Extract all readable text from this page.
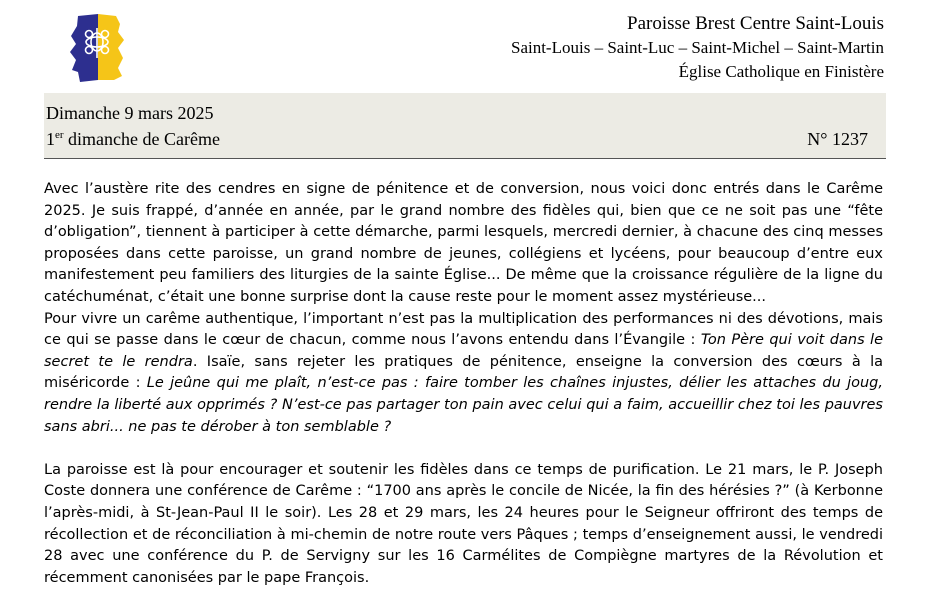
Paroisse Brest Centre Saint-Louis
Saint-Louis – Saint-Luc – Saint-Michel – Saint-Martin
Église Catholique en Finistère
Dimanche 9 mars 2025
1er dimanche de Carême	N° 1237

Avec l’austère rite des cendres en signe de pénitence et de conversion, nous voici donc entrés dans le Carême 2025. Je suis frappé, d’année en année, par le grand nombre des fidèles qui, bien que ce ne soit pas une “fête d’obligation”, tiennent à participer à cette démarche, parmi lesquels, mercredi dernier, à chacune des cinq messes proposées dans cette paroisse, un grand nombre de jeunes, collégiens et lycéens, pour beaucoup d’entre eux manifestement peu familiers des liturgies de la sainte Église... De même que la croissance régulière de la ligne du catéchuménat, c’était une bonne surprise dont la cause reste pour le moment assez mystérieuse...

Pour vivre un carême authentique, l’important n’est pas la multiplication des performances ni des dévotions, mais ce qui se passe dans le cœur de chacun, comme nous l’avons entendu dans l’Évangile : Ton Père qui voit dans le secret te le rendra. Isaïe, sans rejeter les pratiques de pénitence, enseigne la conversion des cœurs à la miséricorde : Le jeûne qui me plaît, n’est-ce pas : faire tomber les chaînes injustes, délier les attaches du joug, rendre la liberté aux opprimés ? N’est-ce pas partager ton pain avec celui qui a faim, accueillir chez toi les pauvres sans abri... ne pas te dérober à ton semblable ?

La paroisse est là pour encourager et soutenir les fidèles dans ce temps de purification. Le 21 mars, le P. Joseph Coste donnera une conférence de Carême : “1700 ans après le concile de Nicée, la fin des hérésies ?” (à Kerbonne l’après-midi, à St-Jean-Paul II le soir). Les 28 et 29 mars, les 24 heures pour le Seigneur offriront des temps de récollection et de réconciliation à mi-chemin de notre route vers Pâques ; temps d’enseignement aussi, le vendredi 28 avec une conférence du P. de Servigny sur les 16 Carmélites de Compiègne martyres de la Révolution et récemment canonisées par le pape François.
